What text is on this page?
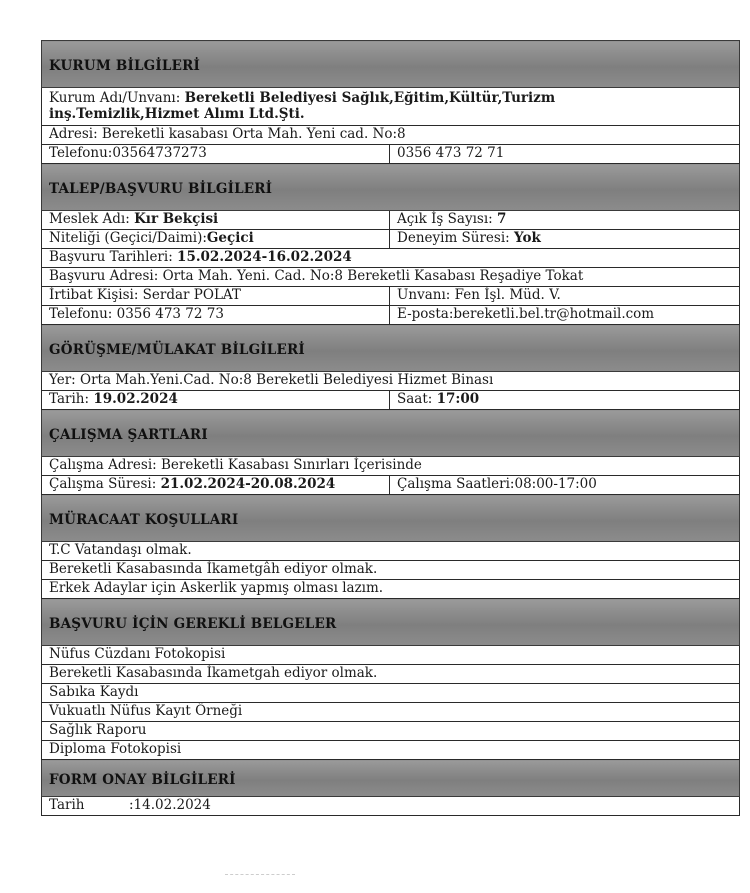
KURUM BİLGİLERİ	
Kurum Adı/Unvanı: Bereketli Belediyesi Sağlık,Eğitim,Kültür,Turizm inş.Temizlik,Hizmet Alımı Ltd.Şti.	
Adresi: Bereketli kasabası Orta Mah. Yeni cad. No:8	
Telefonu:03564737273	0356 473 72 71
TALEP/BAŞVURU BİLGİLERİ	
Meslek Adı: Kır Bekçisi	Açık İş Sayısı: 7
Niteliği (Geçici/Daimi):Geçici	Deneyim Süresi: Yok
Başvuru Tarihleri: 15.02.2024-16.02.2024	
Başvuru Adresi: Orta Mah. Yeni. Cad. No:8 Bereketli Kasabası Reşadiye Tokat	
İrtibat Kişisi: Serdar POLAT	Unvanı: Fen İşl. Müd. V.
Telefonu: 0356 473 72 73	E-posta:bereketli.bel.tr@hotmail.com
GÖRÜŞME/MÜLAKAT BİLGİLERİ	
Yer: Orta Mah.Yeni.Cad. No:8 Bereketli Belediyesi Hizmet Binası	
Tarih: 19.02.2024	Saat: 17:00
ÇALIŞMA ŞARTLARI	
Çalışma Adresi: Bereketli Kasabası Sınırları İçerisinde	
Çalışma Süresi: 21.02.2024-20.08.2024	Çalışma Saatleri:08:00-17:00
MÜRACAAT KOŞULLARI	
T.C Vatandaşı olmak.	
Bereketli Kasabasında İkametgâh ediyor olmak.	
Erkek Adaylar için Askerlik yapmış olması lazım.	
BAŞVURU İÇİN GEREKLİ BELGELER	
Nüfus Cüzdanı Fotokopisi	
Bereketli Kasabasında İkametgah ediyor olmak.	
Sabıka Kaydı	
Vukuatlı Nüfus Kayıt Örneği	
Sağlık Raporu	
Diploma Fotokopisi	
FORM ONAY BİLGİLERİ	
Tarih :14.02.2024	
